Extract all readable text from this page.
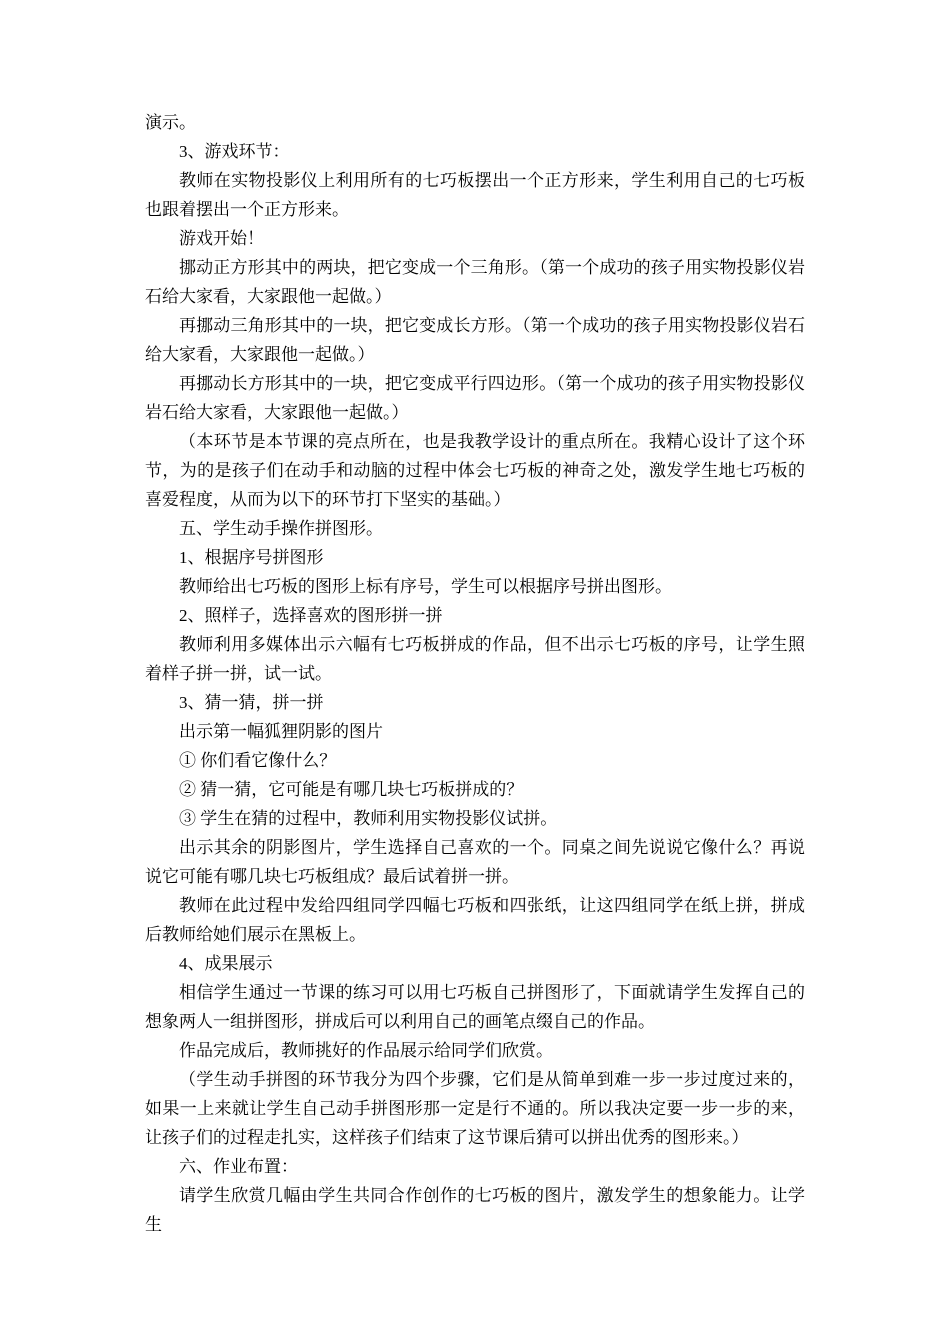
演示。

3、游戏环节：

教师在实物投影仪上利用所有的七巧板摆出一个正方形来，学生利用自己的七巧板也跟着摆出一个正方形来。

游戏开始！

挪动正方形其中的两块，把它变成一个三角形。（第一个成功的孩子用实物投影仪岩石给大家看，大家跟他一起做。）

再挪动三角形其中的一块，把它变成长方形。（第一个成功的孩子用实物投影仪岩石给大家看，大家跟他一起做。）

再挪动长方形其中的一块，把它变成平行四边形。（第一个成功的孩子用实物投影仪岩石给大家看，大家跟他一起做。）

（本环节是本节课的亮点所在，也是我教学设计的重点所在。我精心设计了这个环节，为的是孩子们在动手和动脑的过程中体会七巧板的神奇之处，激发学生地七巧板的喜爱程度，从而为以下的环节打下坚实的基础。）

五、学生动手操作拼图形。

1、根据序号拼图形

教师给出七巧板的图形上标有序号，学生可以根据序号拼出图形。

2、照样子，选择喜欢的图形拼一拼

教师利用多媒体出示六幅有七巧板拼成的作品，但不出示七巧板的序号，让学生照着样子拼一拼，试一试。

3、猜一猜，拼一拼

出示第一幅狐狸阴影的图片

① 你们看它像什么？

② 猜一猜，它可能是有哪几块七巧板拼成的？

③ 学生在猜的过程中，教师利用实物投影仪试拼。

出示其余的阴影图片，学生选择自己喜欢的一个。同桌之间先说说它像什么？再说说它可能有哪几块七巧板组成？最后试着拼一拼。

教师在此过程中发给四组同学四幅七巧板和四张纸，让这四组同学在纸上拼，拼成后教师给她们展示在黑板上。

4、成果展示

相信学生通过一节课的练习可以用七巧板自己拼图形了，下面就请学生发挥自己的想象两人一组拼图形，拼成后可以利用自己的画笔点缀自己的作品。

作品完成后，教师挑好的作品展示给同学们欣赏。

（学生动手拼图的环节我分为四个步骤，它们是从简单到难一步一步过度过来的，如果一上来就让学生自己动手拼图形那一定是行不通的。所以我决定要一步一步的来，让孩子们的过程走扎实，这样孩子们结束了这节课后猜可以拼出优秀的图形来。）

六、作业布置：

请学生欣赏几幅由学生共同合作创作的七巧板的图片，激发学生的想象能力。让学生
